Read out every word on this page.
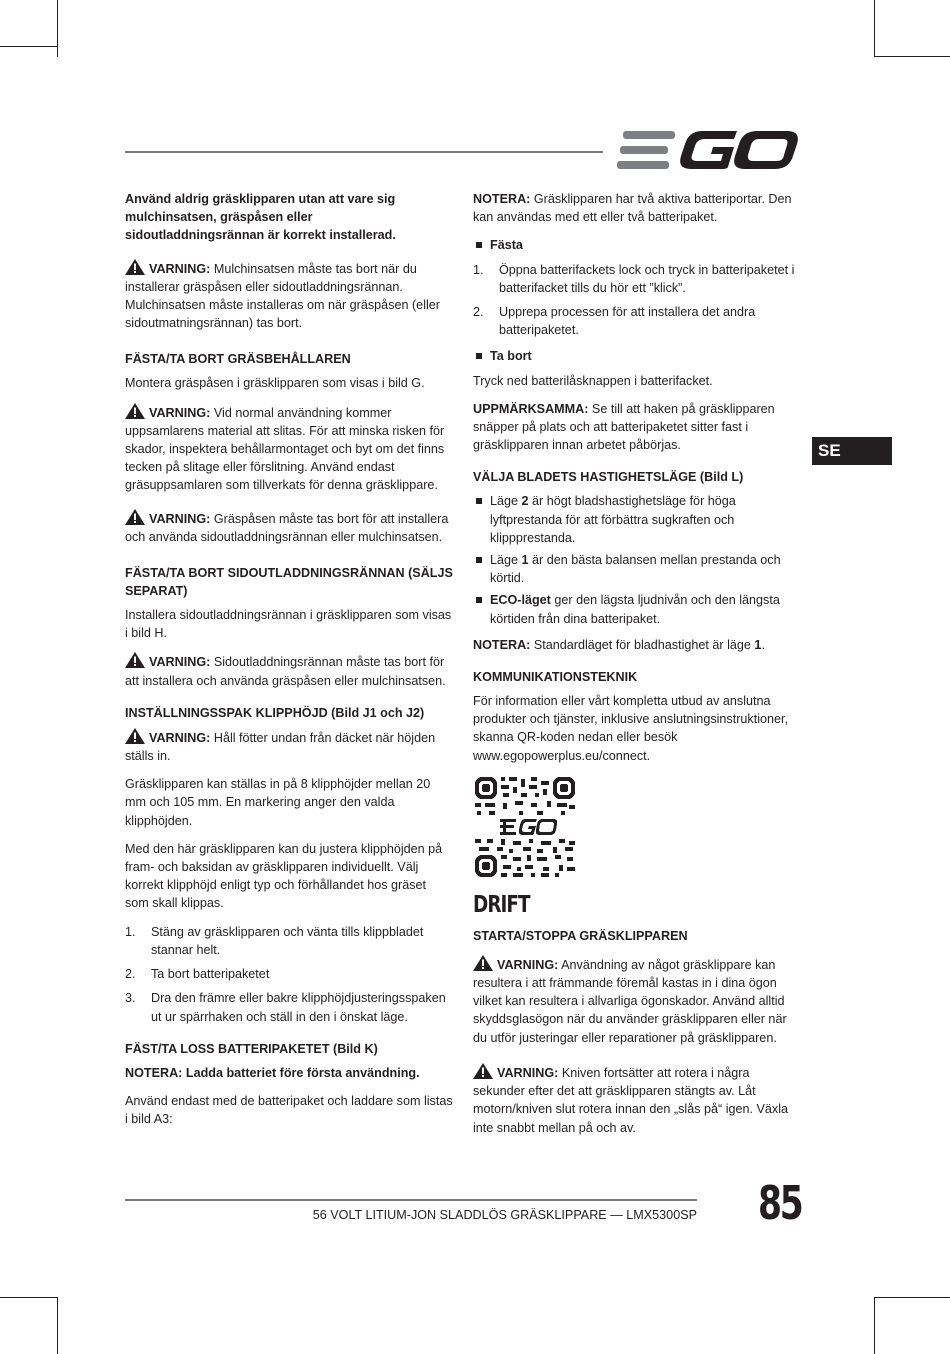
Använd aldrig gräsklipparen utan att vare sig mulchinsatsen, gräspåsen eller sidoutladdningsrännan är korrekt installerad.

VARNING: Mulchinsatsen måste tas bort när du installerar gräspåsen eller sidoutladdningsrännan. Mulchinsatsen måste installeras om när gräspåsen (eller sidoutmatningsrännan) tas bort.

FÄSTA/TA BORT GRÄSBEHÅLLAREN

Montera gräspåsen i gräsklipparen som visas i bild G.

VARNING: Vid normal användning kommer uppsamlarens material att slitas. För att minska risken för skador, inspektera behållarmontaget och byt om det finns tecken på slitage eller förslitning. Använd endast gräsuppsamlaren som tillverkats för denna gräsklippare.

VARNING: Gräspåsen måste tas bort för att installera och använda sidoutladdningsrännan eller mulchinsatsen.

FÄSTA/TA BORT SIDOUTLADDNINGSRÄNNAN (SÄLJS SEPARAT)

Installera sidoutladdningsrännan i gräsklipparen som visas i bild H.

VARNING: Sidoutladdningsrännan måste tas bort för att installera och använda gräspåsen eller mulchinsatsen.

INSTÄLLNINGSSPAK KLIPPHÖJD (Bild J1 och J2)

VARNING: Håll fötter undan från däcket när höjden ställs in.

Gräsklipparen kan ställas in på 8 klipphöjder mellan 20 mm och 105 mm. En markering anger den valda klipphöjden.

Med den här gräsklipparen kan du justera klipphöjden på fram- och baksidan av gräsklipparen individuellt. Välj korrekt klipphöjd enligt typ och förhållandet hos gräset som skall klippas.

1. Stäng av gräsklipparen och vänta tills klippbladet stannar helt.
2. Ta bort batteripaketet
3. Dra den främre eller bakre klipphöjdjusteringsspaken ut ur spärrhaken och ställ in den i önskat läge.
FÄST/TA LOSS BATTERIPAKETET (Bild K)

NOTERA: Ladda batteriet före första användning.

Använd endast med de batteripaket och laddare som listas i bild A3:

NOTERA: Gräsklipparen har två aktiva batteriportar. Den kan användas med ett eller två batteripaket.

Fästa
1. Öppna batterifackets lock och tryck in batteripaketet i batterifacket tills du hör ett ”klick”.
2. Upprepa processen för att installera det andra batteripaketet.
Ta bort

Tryck ned batterilåsknappen i batterifacket.

UPPMÄRKSAMMA: Se till att haken på gräsklipparen snäpper på plats och att batteripaketet sitter fast i gräsklipparen innan arbetet påbörjas.

VÄLJA BLADETS HASTIGHETSLÄGE (Bild L)
Läge 2 är högt bladshastighetsläge för höga lyftprestanda för att förbättra sugkraften och klippprestanda.
Läge 1 är den bästa balansen mellan prestanda och körtid.
ECO-läget ger den lägsta ljudnivån och den längsta körtiden från dina batteripaket.

NOTERA: Standardläget för bladhastighet är läge 1.

KOMMUNIKATIONSTEKNIK

För information eller vårt kompletta utbud av anslutna produkter och tjänster, inklusive anslutningsinstruktioner, skanna QR-koden nedan eller besök www.egopowerplus.eu/connect.

DRIFT
STARTA/STOPPA GRÄSKLIPPAREN

VARNING: Användning av något gräsklippare kan resultera i att främmande föremål kastas in i dina ögon vilket kan resultera i allvarliga ögonskador. Använd alltid skyddsglasögon när du använder gräsklipparen eller när du utför justeringar eller reparationer på gräsklipparen.

VARNING: Kniven fortsätter att rotera i några sekunder efter det att gräsklipparen stängts av. Låt motorn/kniven slut rotera innan den „slås på“ igen. Växla inte snabbt mellan på och av.

SE
56 VOLT LITIUM-JON SLADDLÖS GRÄSKLIPPARE — LMX5300SP 85
